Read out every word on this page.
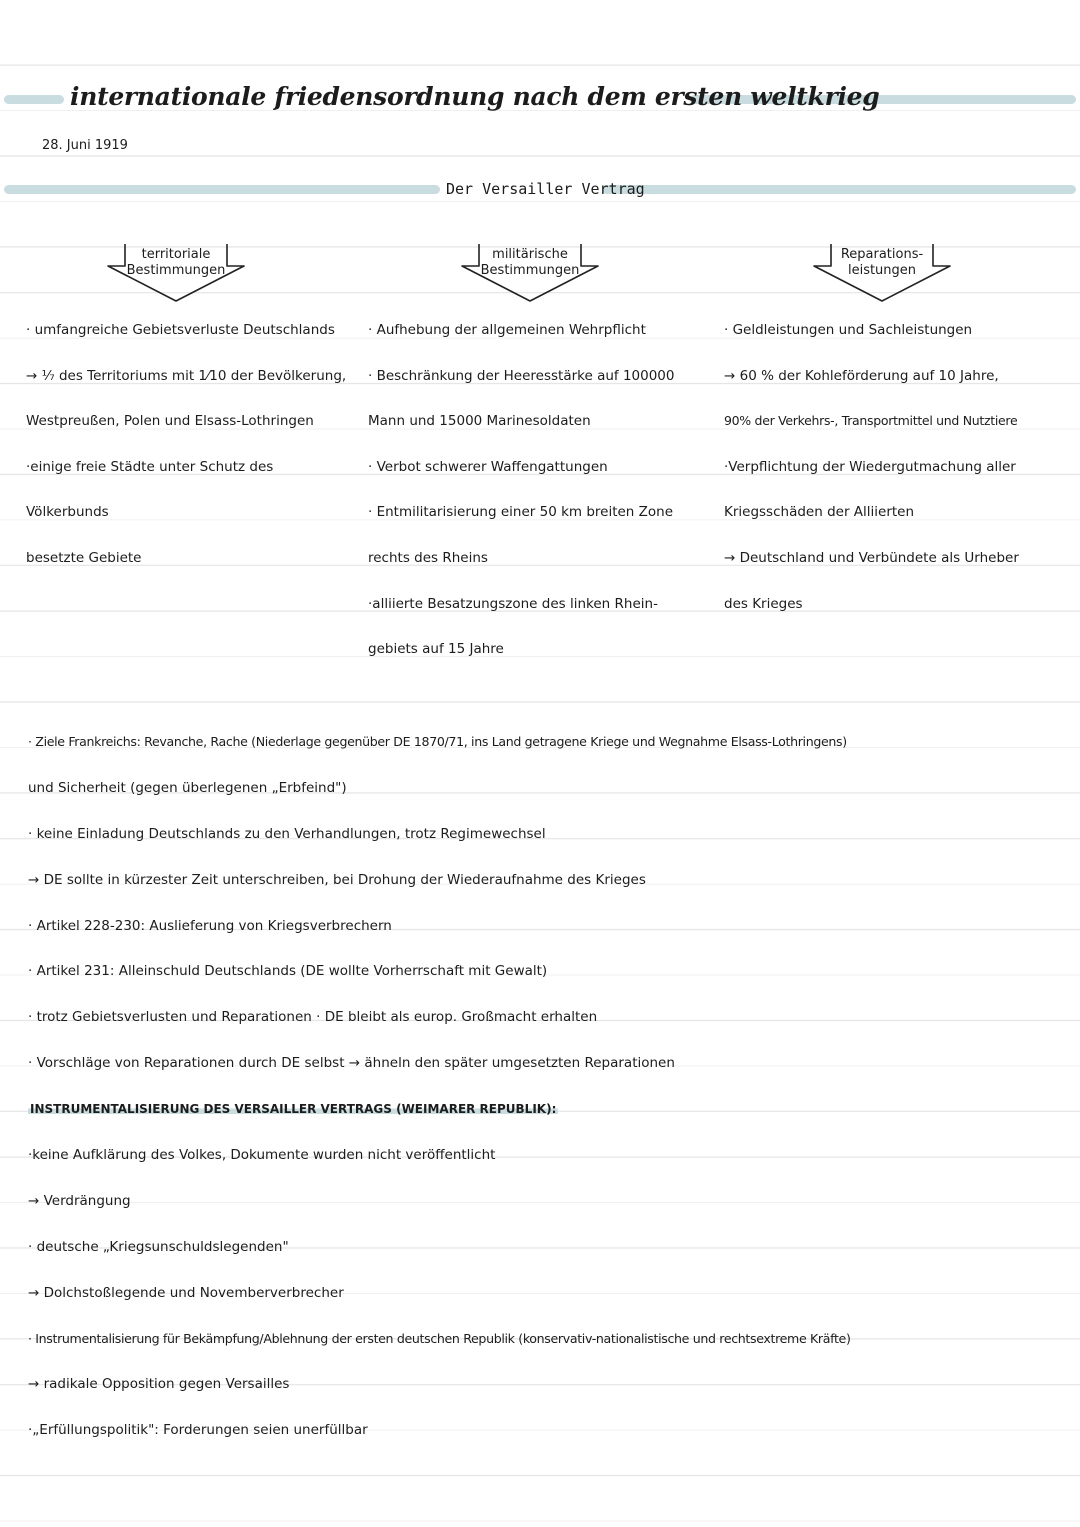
internationale friedensordnung nach dem ersten weltkrieg
28. Juni 1919
Der Versailler Vertrag
territoriale
Bestimmungen
militärische
Bestimmungen
Reparations-
leistungen
· umfangreiche Gebietsverluste Deutschlands
→ ⅐ des Territoriums mit 1⁄10 der Bevölkerung,
Westpreußen, Polen und Elsass-Lothringen
·einige freie Städte unter Schutz des
Völkerbunds
besetzte Gebiete
· Aufhebung der allgemeinen Wehrpflicht
· Beschränkung der Heeresstärke auf 100000
Mann und 15000 Marinesoldaten
· Verbot schwerer Waffengattungen
· Entmilitarisierung einer 50 km breiten Zone
rechts des Rheins
·alliierte Besatzungszone des linken Rhein-
gebiets auf 15 Jahre
· Geldleistungen und Sachleistungen
→ 60 % der Kohleförderung auf 10 Jahre,
90% der Verkehrs-, Transportmittel und Nutztiere
·Verpflichtung der Wiedergutmachung aller
Kriegsschäden der Alliierten
→ Deutschland und Verbündete als Urheber
des Krieges
· Ziele Frankreichs: Revanche, Rache (Niederlage gegenüber DE 1870/71, ins Land getragene Kriege und Wegnahme Elsass-Lothringens)
und Sicherheit (gegen überlegenen „Erbfeind")
· keine Einladung Deutschlands zu den Verhandlungen, trotz Regimewechsel
→ DE sollte in kürzester Zeit unterschreiben, bei Drohung der Wiederaufnahme des Krieges
· Artikel 228-230: Auslieferung von Kriegsverbrechern
· Artikel 231: Alleinschuld Deutschlands (DE wollte Vorherrschaft mit Gewalt)
· trotz Gebietsverlusten und Reparationen · DE bleibt als europ. Großmacht erhalten
· Vorschläge von Reparationen durch DE selbst → ähneln den später umgesetzten Reparationen
INSTRUMENTALISIERUNG DES VERSAILLER VERTRAGS (WEIMARER REPUBLIK):
·keine Aufklärung des Volkes, Dokumente wurden nicht veröffentlicht
→ Verdrängung
· deutsche „Kriegsunschuldslegenden"
→ Dolchstoßlegende und Novemberverbrecher
· Instrumentalisierung für Bekämpfung/Ablehnung der ersten deutschen Republik (konservativ-nationalistische und rechtsextreme Kräfte)
→ radikale Opposition gegen Versailles
·„Erfüllungspolitik": Forderungen seien unerfüllbar
